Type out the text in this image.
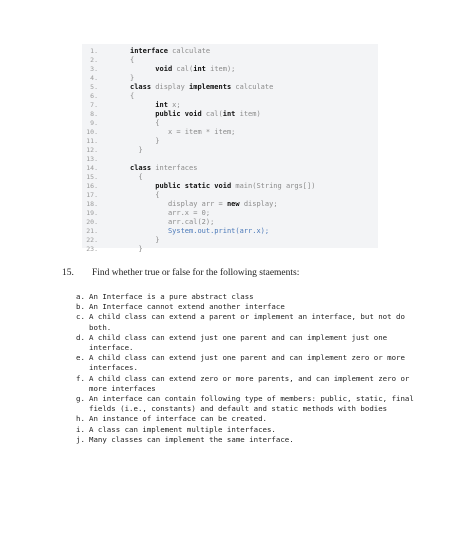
1.	interface calculate
2.	{
3.	void cal(int item);
4.	}
5.	class display implements calculate
6.	{
7.	int x;
8.	public void cal(int item)
9.	{
10.	x = item * item;
11.	}
12.	}
13.
14.	class interfaces
15.	{
16.	public static void main(String args[])
17.	{
18.	display arr = new display;
19.	arr.x = 0;
20.	arr.cal(2);
21.	System.out.print(arr.x);
22.	}
23.	}
15. Find whether true or false for the following staements:
a. An Interface is a pure abstract class
b. An Interface cannot extend another interface
c. A child class can extend a parent or implement an interface, but not do both.
d. A child class can extend just one parent and can implement just one interface.
e. A child class can extend just one parent and can implement zero or more interfaces.
f. A child class can extend zero or more parents, and can implement zero or more interfaces
g. An interface can contain following type of members: public, static, final fields (i.e., constants) and default and static methods with bodies
h. An instance of interface can be created.
i. A class can implement multiple interfaces.
j. Many classes can implement the same interface.
